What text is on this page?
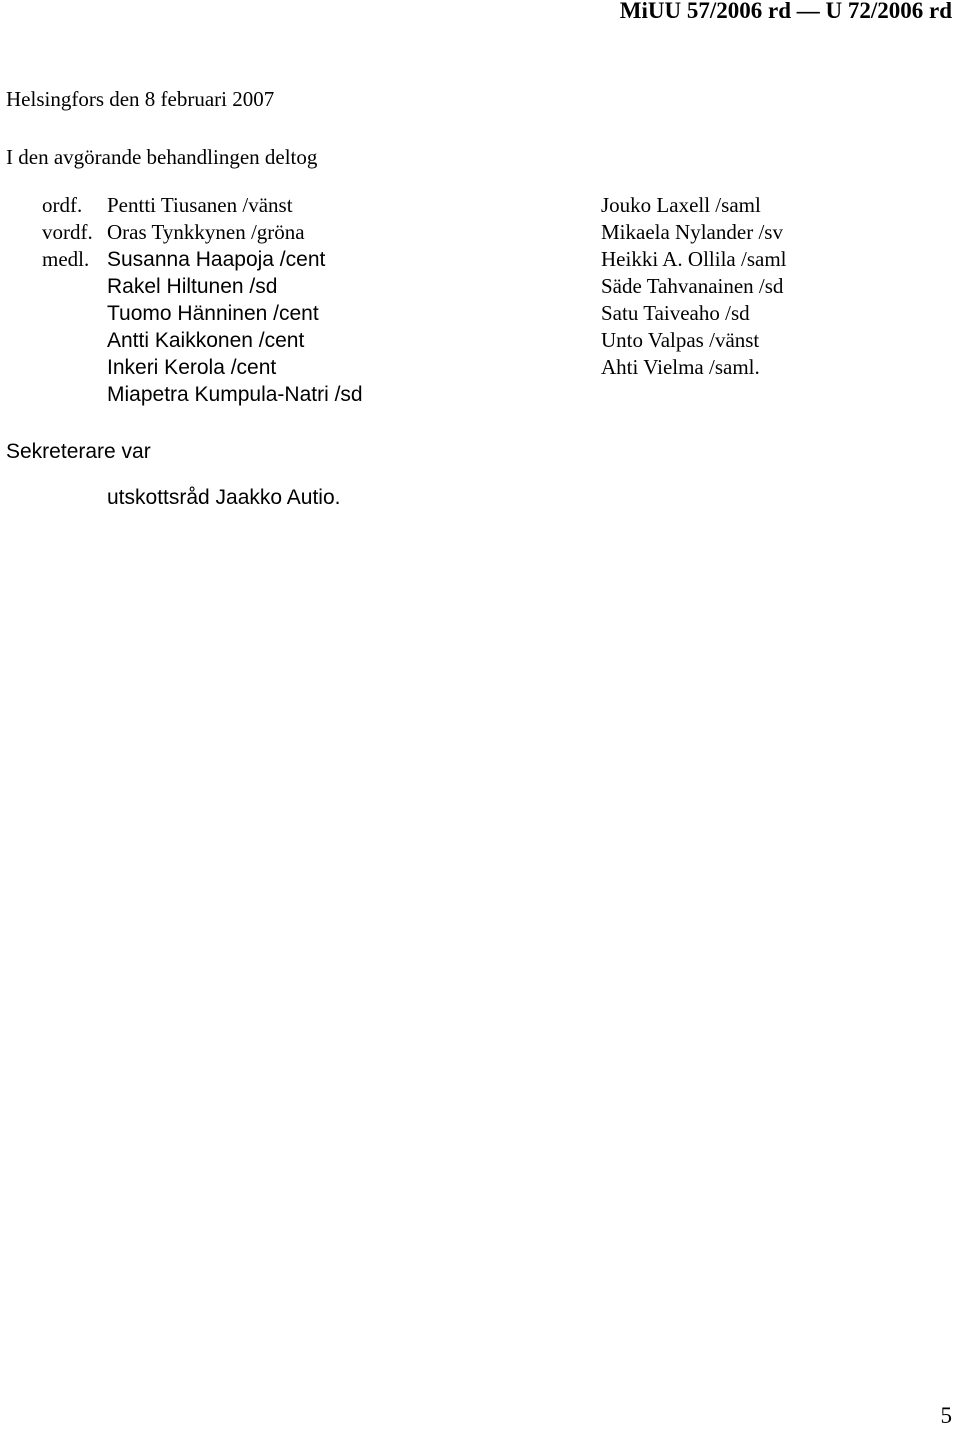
MiUU 57/2006 rd — U 72/2006 rd
Helsingfors den 8 februari 2007
I den avgörande behandlingen deltog
ordf.
vordf.
medl.
Pentti Tiusanen /vänst
Oras Tynkkynen /gröna
Susanna Haapoja /cent
Rakel Hiltunen /sd
Tuomo Hänninen /cent
Antti Kaikkonen /cent
Inkeri Kerola /cent
Miapetra Kumpula-Natri /sd
Jouko Laxell /saml
Mikaela Nylander /sv
Heikki A. Ollila /saml
Säde Tahvanainen /sd
Satu Taiveaho /sd
Unto Valpas /vänst
Ahti Vielma /saml.
Sekreterare var
utskottsråd Jaakko Autio.
5
